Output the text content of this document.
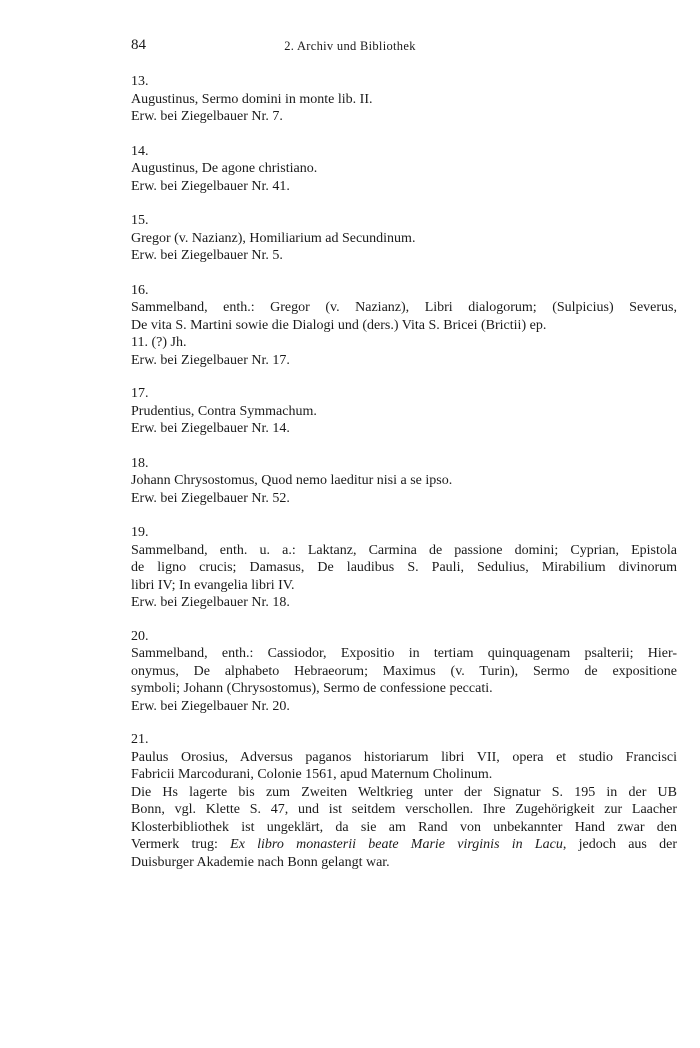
84	2. Archiv und Bibliothek
13.
Augustinus, Sermo domini in monte lib. II.
Erw. bei Ziegelbauer Nr. 7.
14.
Augustinus, De agone christiano.
Erw. bei Ziegelbauer Nr. 41.
15.
Gregor (v. Nazianz), Homiliarium ad Secundinum.
Erw. bei Ziegelbauer Nr. 5.
16.
Sammelband, enth.: Gregor (v. Nazianz), Libri dialogorum; (Sulpicius) Severus,
De vita S. Martini sowie die Dialogi und (ders.) Vita S. Bricei (Brictii) ep.
11. (?) Jh.
Erw. bei Ziegelbauer Nr. 17.
17.
Prudentius, Contra Symmachum.
Erw. bei Ziegelbauer Nr. 14.
18.
Johann Chrysostomus, Quod nemo laeditur nisi a se ipso.
Erw. bei Ziegelbauer Nr. 52.
19.
Sammelband, enth. u. a.: Laktanz, Carmina de passione domini; Cyprian, Epistola
de ligno crucis; Damasus, De laudibus S. Pauli, Sedulius, Mirabilium divinorum
libri IV; In evangelia libri IV.
Erw. bei Ziegelbauer Nr. 18.
20.
Sammelband, enth.: Cassiodor, Expositio in tertiam quinquagenam psalterii; Hier-
onymus, De alphabeto Hebraeorum; Maximus (v. Turin), Sermo de expositione
symboli; Johann (Chrysostomus), Sermo de confessione peccati.
Erw. bei Ziegelbauer Nr. 20.
21.
Paulus Orosius, Adversus paganos historiarum libri VII, opera et studio Francisci
Fabricii Marcodurani, Colonie 1561, apud Maternum Cholinum.
Die Hs lagerte bis zum Zweiten Weltkrieg unter der Signatur S. 195 in der UB
Bonn, vgl. Klette S. 47, und ist seitdem verschollen. Ihre Zugehörigkeit zur Laacher
Klosterbibliothek ist ungeklärt, da sie am Rand von unbekannter Hand zwar den
Vermerk trug: Ex libro monasterii beate Marie virginis in Lacu, jedoch aus der
Duisburger Akademie nach Bonn gelangt war.
